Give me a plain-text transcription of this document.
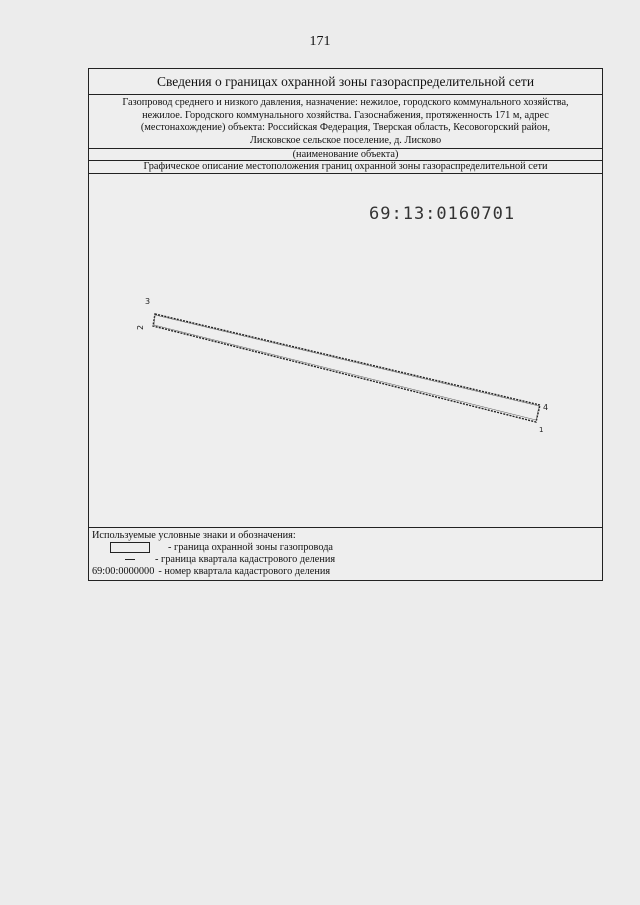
171
Сведения о границах охранной зоны газораспределительной сети
Газопровод среднего и низкого давления, назначение: нежилое, городского коммунального хозяйства,
нежилое. Городского коммунального хозяйства. Газоснабжения, протяженность 171 м, адрес
(местонахождение) объекта: Российская Федерация, Тверская область, Кесовогорский район,
Лисковское сельское поселение, д. Лисково
(наименование объекта)
Графическое описание местоположения границ охранной зоны газораспределительной сети
69:13:0160701
3
2
4
1
Используемые условные знаки и обозначения:
- граница охранной зоны газопровода
- граница квартала кадастрового деления
69:00:0000000 - номер квартала кадастрового деления
